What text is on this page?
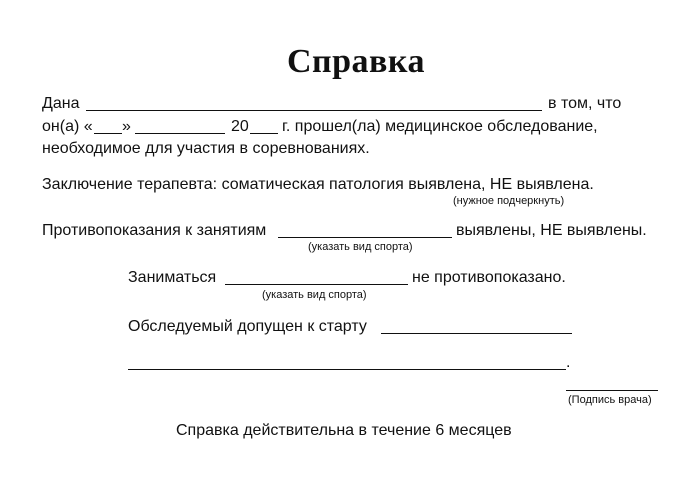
Справка
Дана	в том, что
он(а) « »	20 г. прошел(ла) медицинское обследование,
необходимое для участия в соревнованиях.
Заключение терапевта: соматическая патология выявлена, НЕ выявлена.
(нужное подчеркнуть)
Противопоказания к занятиям	выявлены, НЕ выявлены.
(указать вид спорта)
Заниматься	не противопоказано.
(указать вид спорта)
Обследуемый допущен к старту
.
(Подпись врача)
Справка действительна в течение 6 месяцев
